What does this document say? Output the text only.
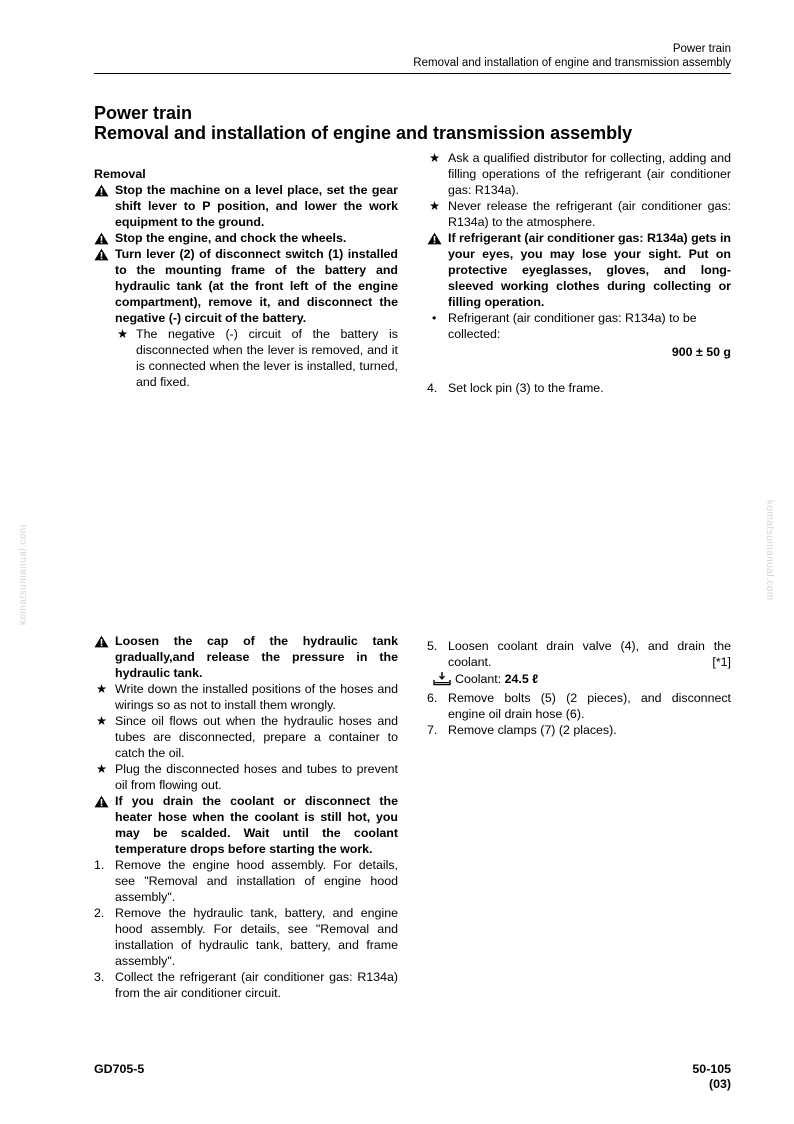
Power train
Removal and installation of engine and transmission assembly
Power train
Removal and installation of engine and transmission assembly
Removal
Stop the machine on a level place, set the gear shift lever to P position, and lower the work equipment to the ground.
Stop the engine, and chock the wheels.
Turn lever (2) of disconnect switch (1) installed to the mounting frame of the battery and hydraulic tank (at the front left of the engine compartment), remove it, and disconnect the negative (-) circuit of the battery.
★ The negative (-) circuit of the battery is disconnected when the lever is removed, and it is connected when the lever is installed, turned, and fixed.
★ Ask a qualified distributor for collecting, adding and filling operations of the refrigerant (air conditioner gas: R134a).
★ Never release the refrigerant (air conditioner gas: R134a) to the atmosphere.
If refrigerant (air conditioner gas: R134a) gets in your eyes, you may lose your sight. Put on protective eyeglasses, gloves, and long-sleeved working clothes during collecting or filling operation.
• Refrigerant (air conditioner gas: R134a) to be collected:
900 ± 50 g
4. Set lock pin (3) to the frame.
komatsumanual.com	komatsumanual.com
Loosen the cap of the hydraulic tank gradually,and release the pressure in the hydraulic tank.
★ Write down the installed positions of the hoses and wirings so as not to install them wrongly.
★ Since oil flows out when the hydraulic hoses and tubes are disconnected, prepare a container to catch the oil.
★ Plug the disconnected hoses and tubes to prevent oil from flowing out.
If you drain the coolant or disconnect the heater hose when the coolant is still hot, you may be scalded. Wait until the coolant temperature drops before starting the work.
1. Remove the engine hood assembly. For details, see "Removal and installation of engine hood assembly".
2. Remove the hydraulic tank, battery, and engine hood assembly. For details, see "Removal and installation of hydraulic tank, battery, and frame assembly".
3. Collect the refrigerant (air conditioner gas: R134a) from the air conditioner circuit.
5. Loosen coolant drain valve (4), and drain the coolant.	[*1]
Coolant: 24.5 ℓ
6. Remove bolts (5) (2 pieces), and disconnect engine oil drain hose (6).
7. Remove clamps (7) (2 places).
GD705-5	50-105
(03)
